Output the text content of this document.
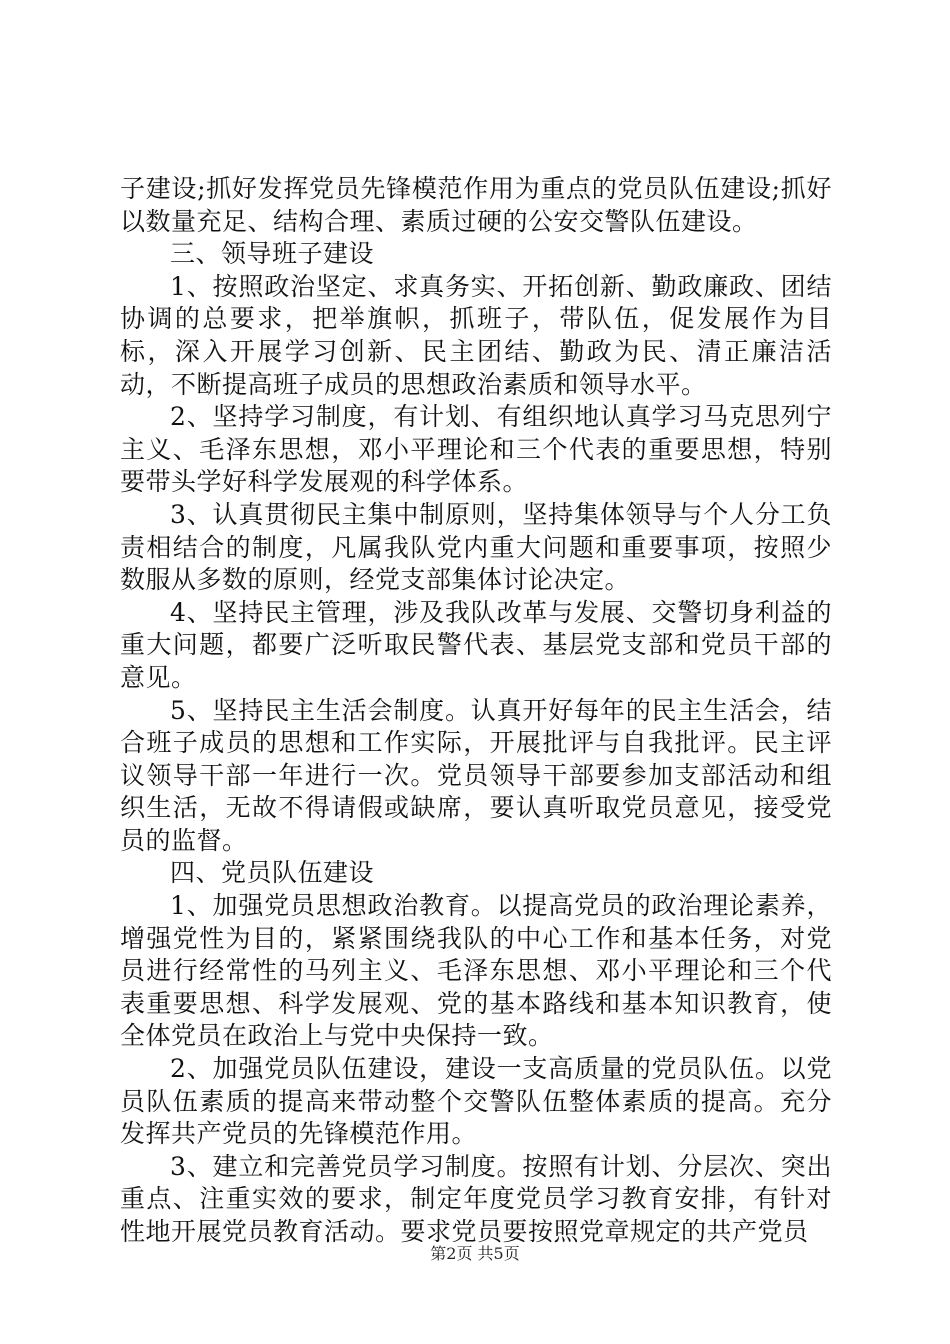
子建设;抓好发挥党员先锋模范作用为重点的党员队伍建设;抓好以数量充足、结构合理、素质过硬的公安交警队伍建设。

三、领导班子建设

1、按照政治坚定、求真务实、开拓创新、勤政廉政、团结协调的总要求，把举旗帜，抓班子，带队伍，促发展作为目标，深入开展学习创新、民主团结、勤政为民、清正廉洁活动，不断提高班子成员的思想政治素质和领导水平。

2、坚持学习制度，有计划、有组织地认真学习马克思列宁主义、毛泽东思想，邓小平理论和三个代表的重要思想，特别要带头学好科学发展观的科学体系。

3、认真贯彻民主集中制原则，坚持集体领导与个人分工负责相结合的制度，凡属我队党内重大问题和重要事项，按照少数服从多数的原则，经党支部集体讨论决定。

4、坚持民主管理，涉及我队改革与发展、交警切身利益的重大问题，都要广泛听取民警代表、基层党支部和党员干部的意见。

5、坚持民主生活会制度。认真开好每年的民主生活会，结合班子成员的思想和工作实际，开展批评与自我批评。民主评议领导干部一年进行一次。党员领导干部要参加支部活动和组织生活，无故不得请假或缺席，要认真听取党员意见，接受党员的监督。

四、党员队伍建设

1、加强党员思想政治教育。以提高党员的政治理论素养，增强党性为目的，紧紧围绕我队的中心工作和基本任务，对党员进行经常性的马列主义、毛泽东思想、邓小平理论和三个代表重要思想、科学发展观、党的基本路线和基本知识教育，使全体党员在政治上与党中央保持一致。

2、加强党员队伍建设，建设一支高质量的党员队伍。以党员队伍素质的提高来带动整个交警队伍整体素质的提高。充分发挥共产党员的先锋模范作用。

3、建立和完善党员学习制度。按照有计划、分层次、突出重点、注重实效的要求，制定年度党员学习教育安排，有针对性地开展党员教育活动。要求党员要按照党章规定的共产党员

第2页 共5页
